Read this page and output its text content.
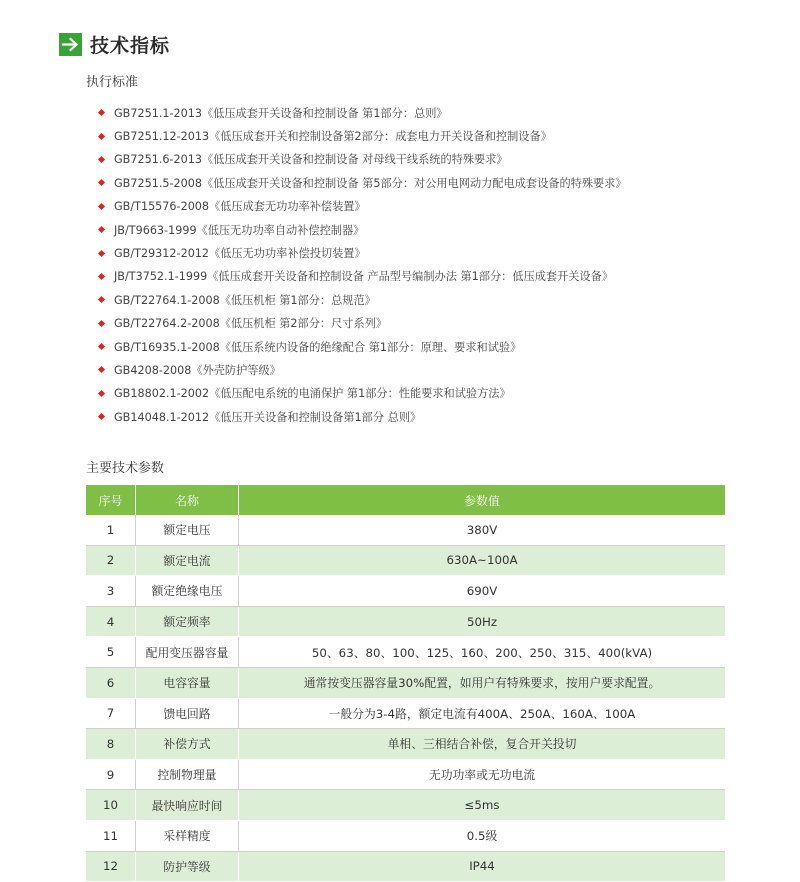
技术指标
执行标准
GB7251.1-2013《低压成套开关设备和控制设备 第1部分：总则》
GB7251.12-2013《低压成套开关和控制设备第2部分：成套电力开关设备和控制设备》
GB7251.6-2013《低压成套开关设备和控制设备 对母线干线系统的特殊要求》
GB7251.5-2008《低压成套开关设备和控制设备 第5部分：对公用电网动力配电成套设备的特殊要求》
GB/T15576-2008《低压成套无功功率补偿装置》
JB/T9663-1999《低压无功功率自动补偿控制器》
GB/T29312-2012《低压无功功率补偿投切装置》
JB/T3752.1-1999《低压成套开关设备和控制设备 产品型号编制办法 第1部分：低压成套开关设备》
GB/T22764.1-2008《低压机柜 第1部分：总规范》
GB/T22764.2-2008《低压机柜 第2部分：尺寸系列》
GB/T16935.1-2008《低压系统内设备的绝缘配合 第1部分：原理、要求和试验》
GB4208-2008《外壳防护等级》
GB18802.1-2002《低压配电系统的电涌保护 第1部分：性能要求和试验方法》
GB14048.1-2012《低压开关设备和控制设备第1部分 总则》
主要技术参数
序号	名称	参数值
1	额定电压	380V
2	额定电流	630A~100A
3	额定绝缘电压	690V
4	额定频率	50Hz
5	配用变压器容量	50、63、80、100、125、160、200、250、315、400(kVA)
6	电容容量	通常按变压器容量30%配置，如用户有特殊要求，按用户要求配置。
7	馈电回路	一般分为3-4路，额定电流有400A、250A、160A、100A
8	补偿方式	单相、三相结合补偿，复合开关投切
9	控制物理量	无功功率或无功电流
10	最快响应时间	≤5ms
11	采样精度	0.5级
12	防护等级	IP44
